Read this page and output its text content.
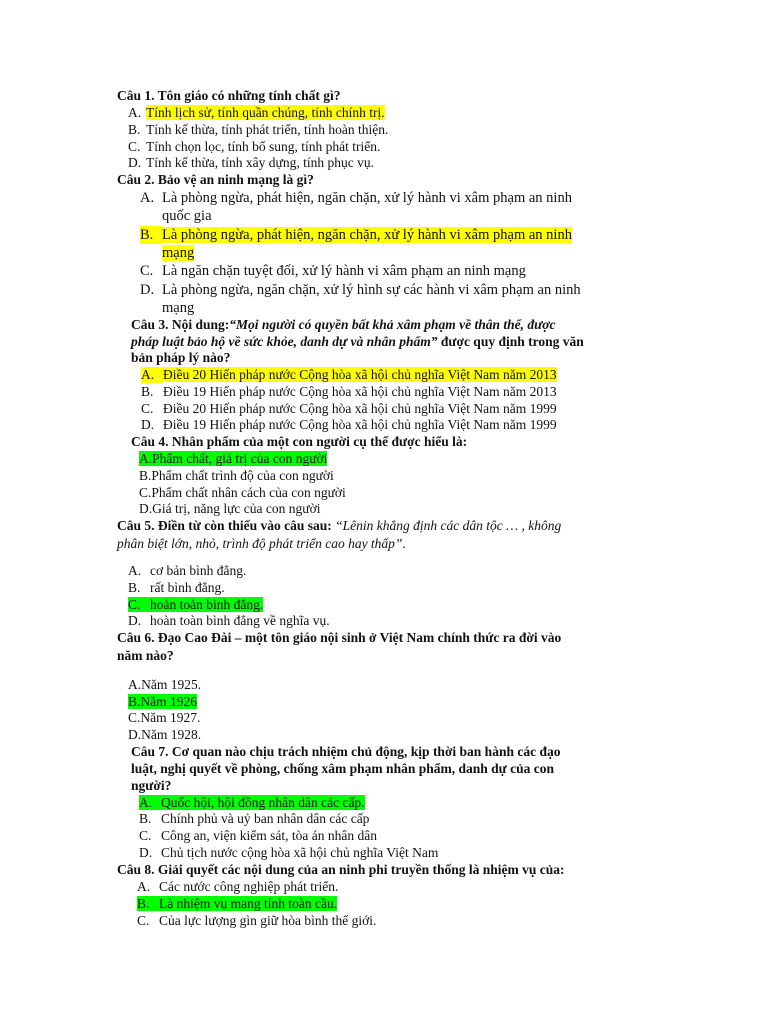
Câu 1. Tôn giáo có những tính chất gì?
A. Tính lịch sử, tính quần chúng, tính chính trị.
B. Tính kế thừa, tính phát triển, tính hoàn thiện.
C. Tính chọn lọc, tính bổ sung, tính phát triển.
D. Tính kế thừa, tính xây dựng, tính phục vụ.
Câu 2. Bảo vệ an ninh mạng là gì?
A. Là phòng ngừa, phát hiện, ngăn chặn, xử lý hành vi xâm phạm an ninh
quốc gia
B. Là phòng ngừa, phát hiện, ngăn chặn, xử lý hành vi xâm phạm an ninh
mạng
C. Là ngăn chặn tuyệt đối, xử lý hành vi xâm phạm an ninh mạng
D. Là phòng ngừa, ngăn chặn, xử lý hình sự các hành vi xâm phạm an ninh
mạng
Câu 3. Nội dung:“Mọi người có quyền bất khả xâm phạm về thân thể, được
pháp luật bảo hộ về sức khỏe, danh dự và nhân phẩm” được quy định trong văn
bản pháp lý nào?
A. Điều 20 Hiến pháp nước Cộng hòa xã hội chủ nghĩa Việt Nam năm 2013
B. Điều 19 Hiến pháp nước Cộng hòa xã hội chủ nghĩa Việt Nam năm 2013
C. Điều 20 Hiến pháp nước Cộng hòa xã hội chủ nghĩa Việt Nam năm 1999
D. Điều 19 Hiến pháp nước Cộng hòa xã hội chủ nghĩa Việt Nam năm 1999
Câu 4. Nhân phẩm của một con người cụ thể được hiểu là:
A.Phẩm chất, giá trị của con người
B.Phẩm chất trình độ của con người
C.Phẩm chất nhân cách của con người
D.Giá trị, năng lực của con người
Câu 5. Điền từ còn thiếu vào câu sau: “Lênin khẳng định các dân tộc … , không
phân biệt lớn, nhỏ, trình độ phát triển cao hay thấp”.
A. cơ bản bình đẳng.
B. rất bình đẳng.
C. hoàn toàn bình đẳng.
D. hoàn toàn bình đẳng về nghĩa vụ.
Câu 6. Đạo Cao Đài – một tôn giáo nội sinh ở Việt Nam chính thức ra đời vào
năm nào?
A.Năm 1925.
B.Năm 1926
C.Năm 1927.
D.Năm 1928.
Câu 7. Cơ quan nào chịu trách nhiệm chủ động, kịp thời ban hành các đạo
luật, nghị quyết về phòng, chống xâm phạm nhân phẩm, danh dự của con
người?
A. Quốc hội, hội đồng nhân dân các cấp.
B. Chính phủ và uỷ ban nhân dân các cấp
C. Công an, viện kiểm sát, tòa án nhân dân
D. Chủ tịch nước cộng hòa xã hội chủ nghĩa Việt Nam
Câu 8. Giải quyết các nội dung của an ninh phi truyền thống là nhiệm vụ của:
A. Các nước công nghiệp phát triển.
B. Là nhiệm vụ mang tính toàn cầu.
C. Của lực lượng gìn giữ hòa bình thế giới.
